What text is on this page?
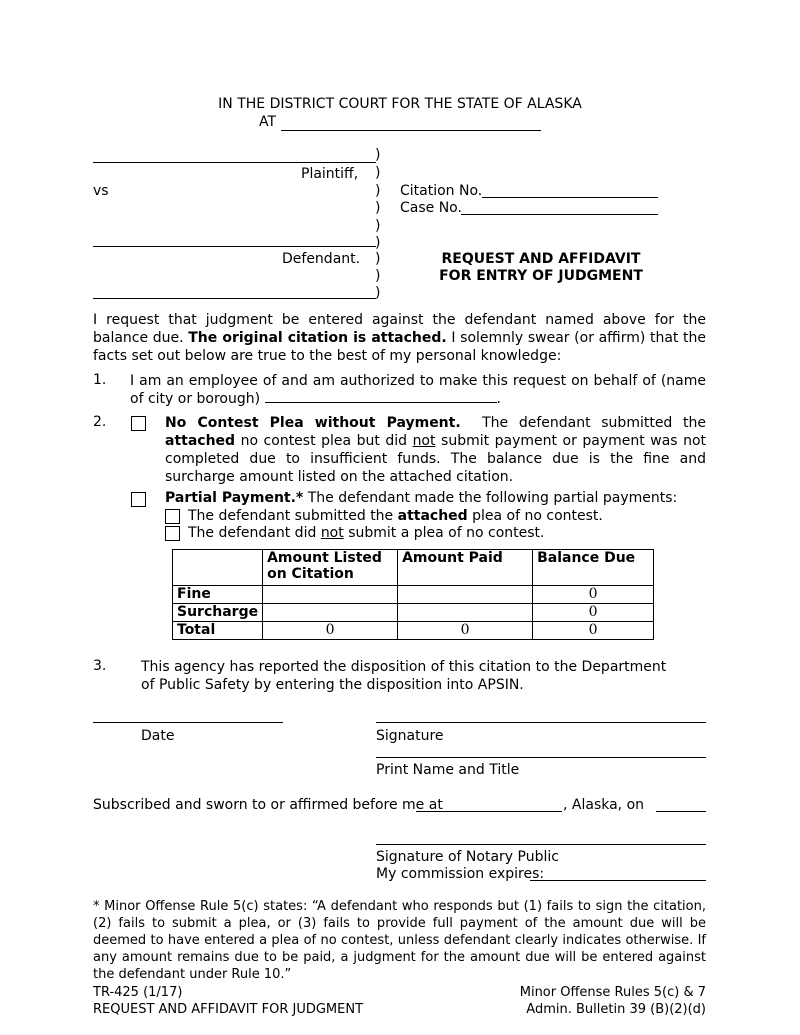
IN THE DISTRICT COURT FOR THE STATE OF ALASKA
AT
Plaintiff,
vs
Defendant.
)
)
)
)
)
)
)
)
)
Citation No.
Case No.
REQUEST AND AFFIDAVIT
FOR ENTRY OF JUDGMENT
I request that judgment be entered against the defendant named above for the balance due. The original citation is attached. I solemnly swear (or affirm) that the facts set out below are true to the best of my personal knowledge:
1. I am an employee of and am authorized to make this request on behalf of (name of city or borough)	.
2.	No Contest Plea without Payment. The defendant submitted the attached no contest plea but did not submit payment or payment was not completed due to insufficient funds. The balance due is the fine and surcharge amount listed on the attached citation.
Partial Payment.* The defendant made the following partial payments:
The defendant submitted the attached plea of no contest.
The defendant did not submit a plea of no contest.
	Amount Listed on Citation	Amount Paid	Balance Due
Fine			0
Surcharge			0
Total	0	0	0
3. This agency has reported the disposition of this citation to the Department of Public Safety by entering the disposition into APSIN.
Date	Signature
Print Name and Title
Subscribed and sworn to or affirmed before me at	, Alaska, on
Signature of Notary Public
My commission expires:
* Minor Offense Rule 5(c) states: “A defendant who responds but (1) fails to sign the citation, (2) fails to submit a plea, or (3) fails to provide full payment of the amount due will be deemed to have entered a plea of no contest, unless defendant clearly indicates otherwise. If any amount remains due to be paid, a judgment for the amount due will be entered against the defendant under Rule 10.”
TR-425 (1/17)
REQUEST AND AFFIDAVIT FOR JUDGMENT
Minor Offense Rules 5(c) & 7
Admin. Bulletin 39 (B)(2)(d)
